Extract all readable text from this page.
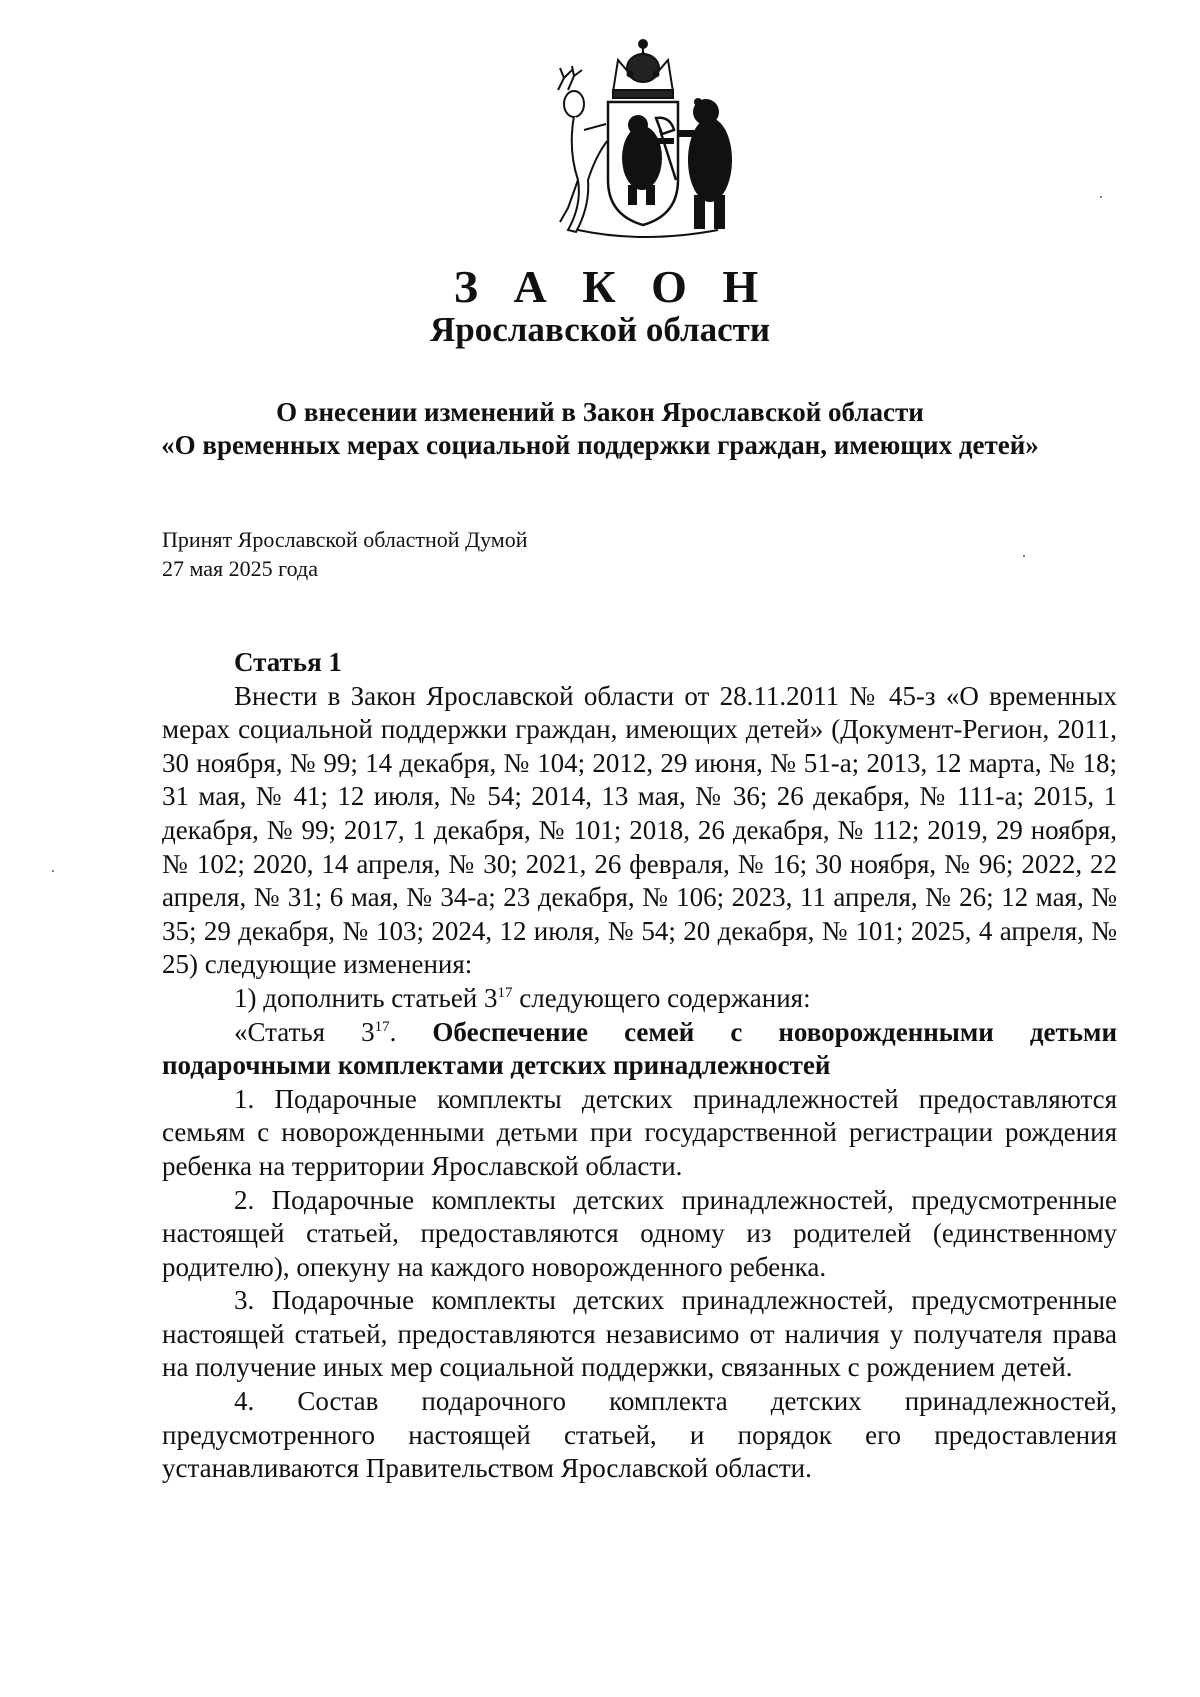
З А К О Н
Ярославской области
О внесении изменений в Закон Ярославской области
«О временных мерах социальной поддержки граждан, имеющих детей»
Принят Ярославской областной Думой
27 мая 2025 года

Статья 1

Внести в Закон Ярославской области от 28.11.2011 № 45-з «О временных мерах социальной поддержки граждан, имеющих детей» (Документ-Регион, 2011, 30 ноября, № 99; 14 декабря, № 104; 2012, 29 июня, № 51-а; 2013, 12 марта, № 18; 31 мая, № 41; 12 июля, № 54; 2014, 13 мая, № 36; 26 декабря, № 111-а; 2015, 1 декабря, № 99; 2017, 1 декабря, № 101; 2018, 26 декабря, № 112; 2019, 29 ноября, № 102; 2020, 14 апреля, № 30; 2021, 26 февраля, № 16; 30 ноября, № 96; 2022, 22 апреля, № 31; 6 мая, № 34-а; 23 декабря, № 106; 2023, 11 апреля, № 26; 12 мая, № 35; 29 декабря, № 103; 2024, 12 июля, № 54; 20 декабря, № 101; 2025, 4 апреля, № 25) следующие изменения:

1) дополнить статьей $3^{17}$ следующего содержания:

«Статья $3^{17}$. Обеспечение семей с новорожденными детьми подарочными комплектами детских принадлежностей

1. Подарочные комплекты детских принадлежностей предоставляются семьям с новорожденными детьми при государственной регистрации рождения ребенка на территории Ярославской области.

2. Подарочные комплекты детских принадлежностей, предусмотренные настоящей статьей, предоставляются одному из родителей (единственному родителю), опекуну на каждого новорожденного ребенка.

3. Подарочные комплекты детских принадлежностей, предусмотренные настоящей статьей, предоставляются независимо от наличия у получателя права на получение иных мер социальной поддержки, связанных с рождением детей.

4. Состав подарочного комплекта детских принадлежностей, предусмотренного настоящей статьей, и порядок его предоставления устанавливаются Правительством Ярославской области.
